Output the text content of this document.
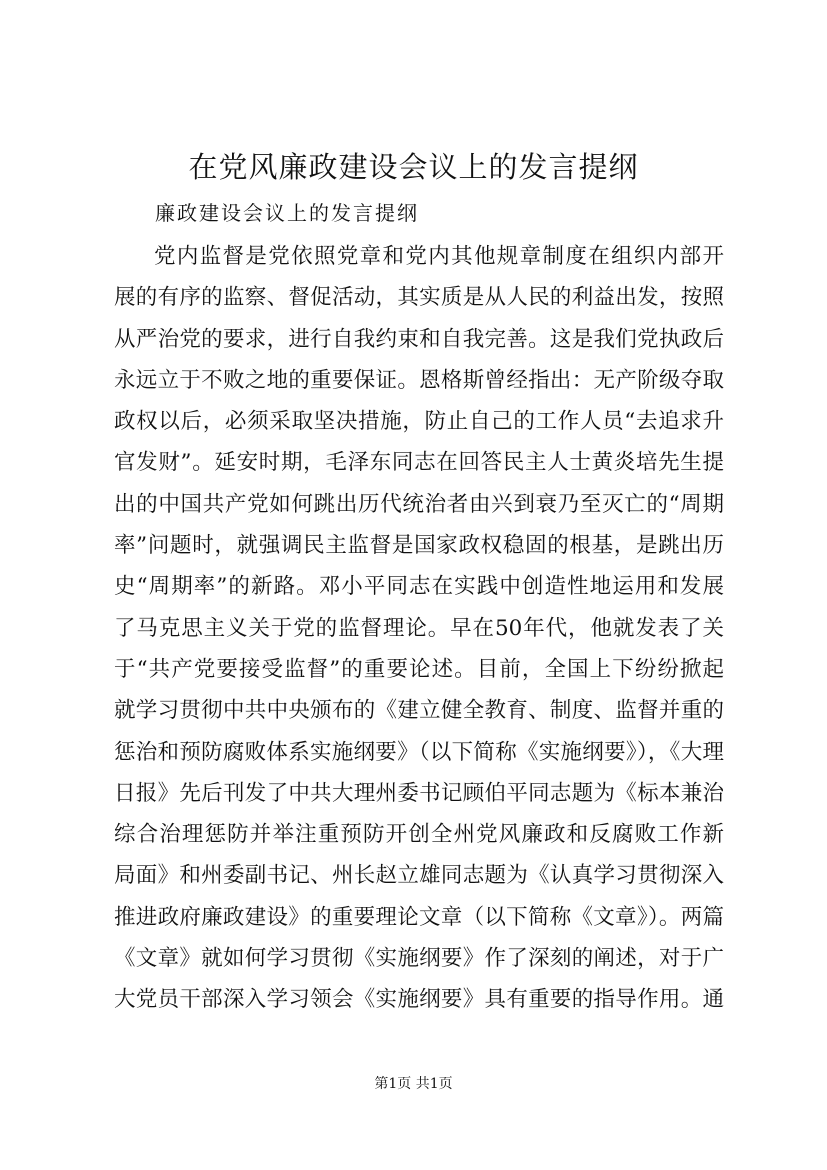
在党风廉政建设会议上的发言提纲
廉政建设会议上的发言提纲
党内监督是党依照党章和党内其他规章制度在组织内部开
展的有序的监察、督促活动，其实质是从人民的利益出发，按照
从严治党的要求，进行自我约束和自我完善。这是我们党执政后
永远立于不败之地的重要保证。恩格斯曾经指出：无产阶级夺取
政权以后，必须采取坚决措施，防止自己的工作人员“去追求升
官发财”。延安时期，毛泽东同志在回答民主人士黄炎培先生提
出的中国共产党如何跳出历代统治者由兴到衰乃至灭亡的“周期
率”问题时，就强调民主监督是国家政权稳固的根基，是跳出历
史“周期率”的新路。邓小平同志在实践中创造性地运用和发展
了马克思主义关于党的监督理论。早在50年代，他就发表了关
于“共产党要接受监督”的重要论述。目前，全国上下纷纷掀起
就学习贯彻中共中央颁布的《建立健全教育、制度、监督并重的
惩治和预防腐败体系实施纲要》（以下简称《实施纲要》），《大理
日报》先后刊发了中共大理州委书记顾伯平同志题为《标本兼治
综合治理惩防并举注重预防开创全州党风廉政和反腐败工作新
局面》和州委副书记、州长赵立雄同志题为《认真学习贯彻深入
推进政府廉政建设》的重要理论文章（以下简称《文章》）。两篇
《文章》就如何学习贯彻《实施纲要》作了深刻的阐述，对于广
大党员干部深入学习领会《实施纲要》具有重要的指导作用。通
第1页 共1页
